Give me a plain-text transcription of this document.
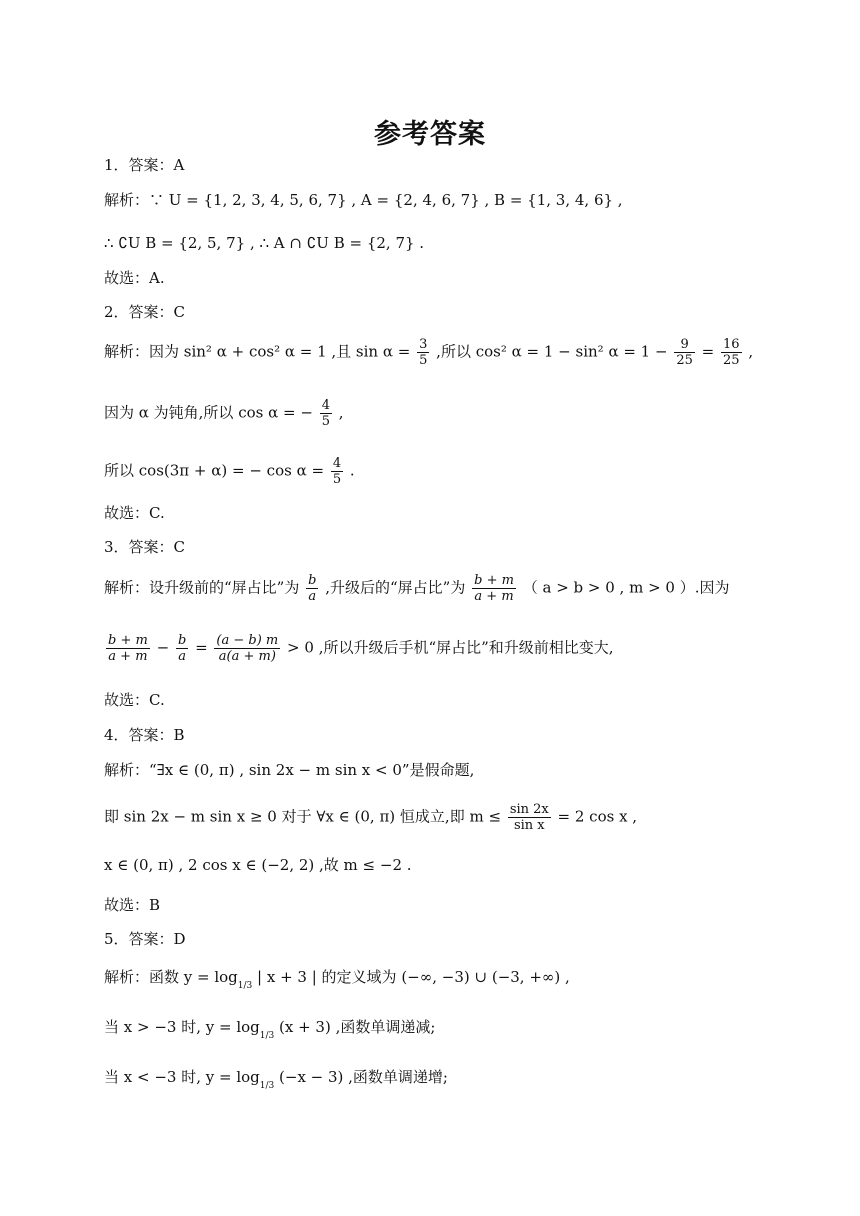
参考答案
1．答案：A
解析：∵ U = {1, 2, 3, 4, 5, 6, 7} , A = {2, 4, 6, 7} , B = {1, 3, 4, 6} ,
∴ ∁U B = {2, 5, 7} , ∴ A ∩ ∁U B = {2, 7} .
故选：A.
2．答案：C
解析：因为 sin² α + cos² α = 1 ,且 $\sin \alpha = \frac{3}{5}$ ,所以 cos² α = 1 − sin² $\alpha = 1 - \frac{9}{25} = \frac{16}{25}$ ,
因为 α 为钝角,所以 cos α = − $\frac{4}{5}$ ,
所以 cos(3π + α) = − $\cos \alpha = \frac{4}{5}$ .
故选：C.
3．答案：C
解析：设升级前的“屏占比”为 $\frac{b}{a}$ ,升级后的“屏占比”为 $\frac{b + m}{a + m}$ （ a > b > 0 , m > 0 ）.因为
$\frac{b + m}{a + m} - \frac{b}{a} = \frac{(a - b) m}{a(a + m)} > 0$ ,所以升级后手机“屏占比”和升级前相比变大,
故选：C.
4．答案：B
解析：“∃x ∈ (0, π) , sin 2x − m sin x < 0”是假命题,
即 sin 2x − m sin x ≥ 0 对于 ∀x ∈ (0, π) 恒成立,即 $m \le \frac{\sin 2x}{\text{sin x}} = 2$ cos x ,
x ∈ (0, π) , 2 cos x ∈ (−2, 2) ,故 m ≤ −2 .
故选：B
5．答案：D
解析：函数 $y = \log_{1/3}$ | x + 3 | 的定义域为 (−∞, −3) ∪ (−3, +∞) ,
当 x > −3 时, $y = \log_{1/3} (x + 3)$ ,函数单调递减;
当 x < −3 时, $y = \log_{1/3} (-x - 3)$ ,函数单调递增;
